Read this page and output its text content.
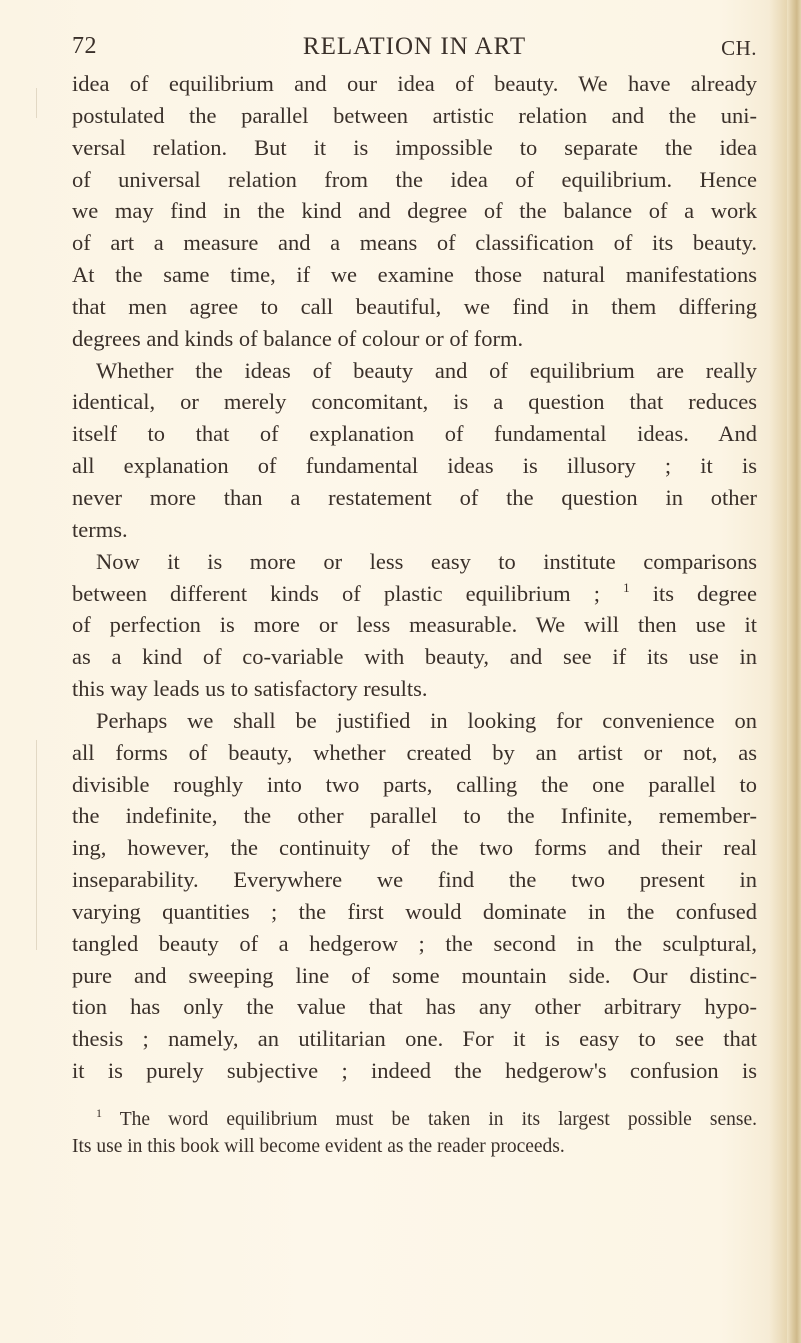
72	RELATION IN ART	CH.
idea of equilibrium and our idea of beauty. We have already
postulated the parallel between artistic relation and the uni-
versal relation. But it is impossible to separate the idea
of universal relation from the idea of equilibrium. Hence
we may find in the kind and degree of the balance of a work
of art a measure and a means of classification of its beauty.
At the same time, if we examine those natural manifestations
that men agree to call beautiful, we find in them differing
degrees and kinds of balance of colour or of form.
Whether the ideas of beauty and of equilibrium are really
identical, or merely concomitant, is a question that reduces
itself to that of explanation of fundamental ideas. And
all explanation of fundamental ideas is illusory ; it is
never more than a restatement of the question in other
terms.
Now it is more or less easy to institute comparisons
between different kinds of plastic equilibrium ; $^1$ its degree
of perfection is more or less measurable. We will then use it
as a kind of co-variable with beauty, and see if its use in
this way leads us to satisfactory results.
Perhaps we shall be justified in looking for convenience on
all forms of beauty, whether created by an artist or not, as
divisible roughly into two parts, calling the one parallel to
the indefinite, the other parallel to the Infinite, remember-
ing, however, the continuity of the two forms and their real
inseparability. Everywhere we find the two present in
varying quantities ; the first would dominate in the confused
tangled beauty of a hedgerow ; the second in the sculptural,
pure and sweeping line of some mountain side. Our distinc-
tion has only the value that has any other arbitrary hypo-
thesis ; namely, an utilitarian one. For it is easy to see that
it is purely subjective ; indeed the hedgerow's confusion is
$^1$ The word equilibrium must be taken in its largest possible sense.
Its use in this book will become evident as the reader proceeds.
